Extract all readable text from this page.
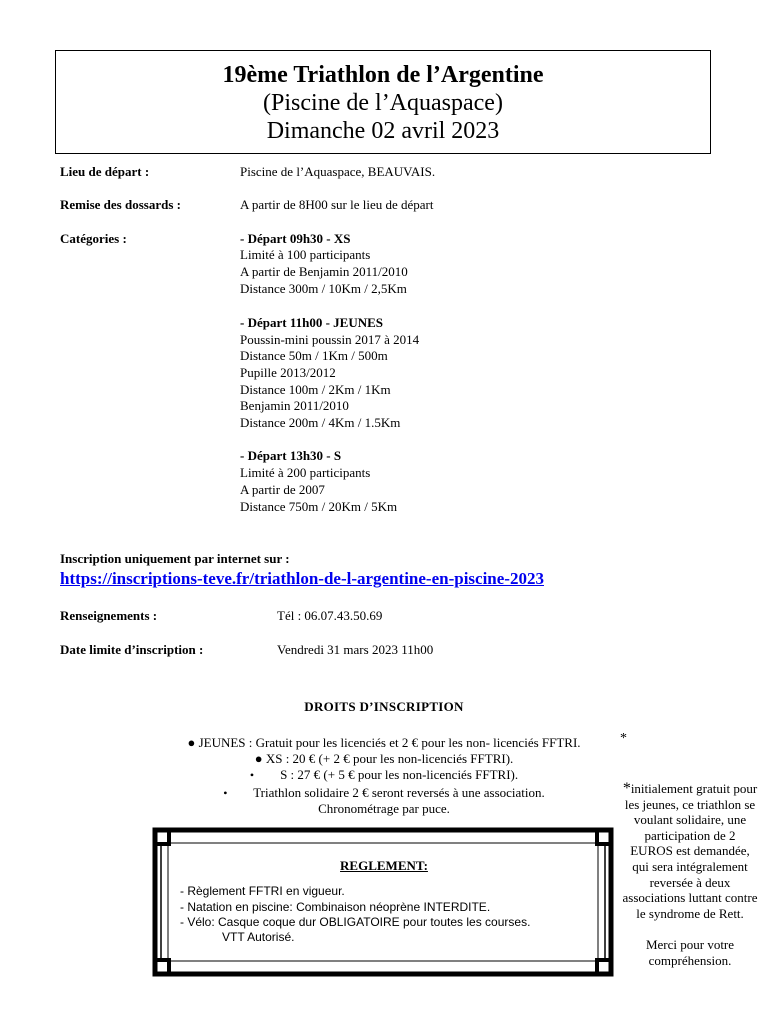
19ème Triathlon de l’Argentine
(Piscine de l’Aquaspace)
Dimanche 02 avril 2023
Lieu de départ :	Piscine de l’Aquaspace, BEAUVAIS.
Remise des dossards :	A partir de 8H00 sur le lieu de départ
Catégories :	- Départ 09h30 - XS
Limité à 100 participants
A partir de Benjamin 2011/2010
Distance 300m / 10Km / 2,5Km
- Départ 11h00 - JEUNES
Poussin-mini poussin 2017 à 2014
Distance 50m / 1Km / 500m
Pupille 2013/2012
Distance 100m / 2Km / 1Km
Benjamin 2011/2010
Distance 200m / 4Km / 1.5Km
- Départ 13h30 - S
Limité à 200 participants
A partir de 2007
Distance 750m / 20Km / 5Km
Inscription uniquement par internet sur :
https://inscriptions-teve.fr/triathlon-de-l-argentine-en-piscine-2023
Renseignements :	Tél : 06.07.43.50.69
Date limite d’inscription :	Vendredi 31 mars 2023 11h00
DROITS D’INSCRIPTION
● JEUNES : Gratuit pour les licenciés et 2 € pour les non- licenciés FFTRI.	*
● XS : 20 € (+ 2 € pour les non-licenciés FFTRI).
• S : 27 € (+ 5 € pour les non-licenciés FFTRI).
• Triathlon solidaire 2 € seront reversés à une association.
Chronométrage par puce.
*initialement gratuit pour les jeunes, ce triathlon se voulant solidaire, une participation de 2 EUROS est demandée, qui sera intégralement reversée à deux associations luttant contre le syndrome de Rett.

Merci pour votre compréhension.
REGLEMENT:
- Règlement FFTRI en vigueur.
- Natation en piscine: Combinaison néoprène INTERDITE.
- Vélo: Casque coque dur OBLIGATOIRE pour toutes les courses.
VTT Autorisé.
